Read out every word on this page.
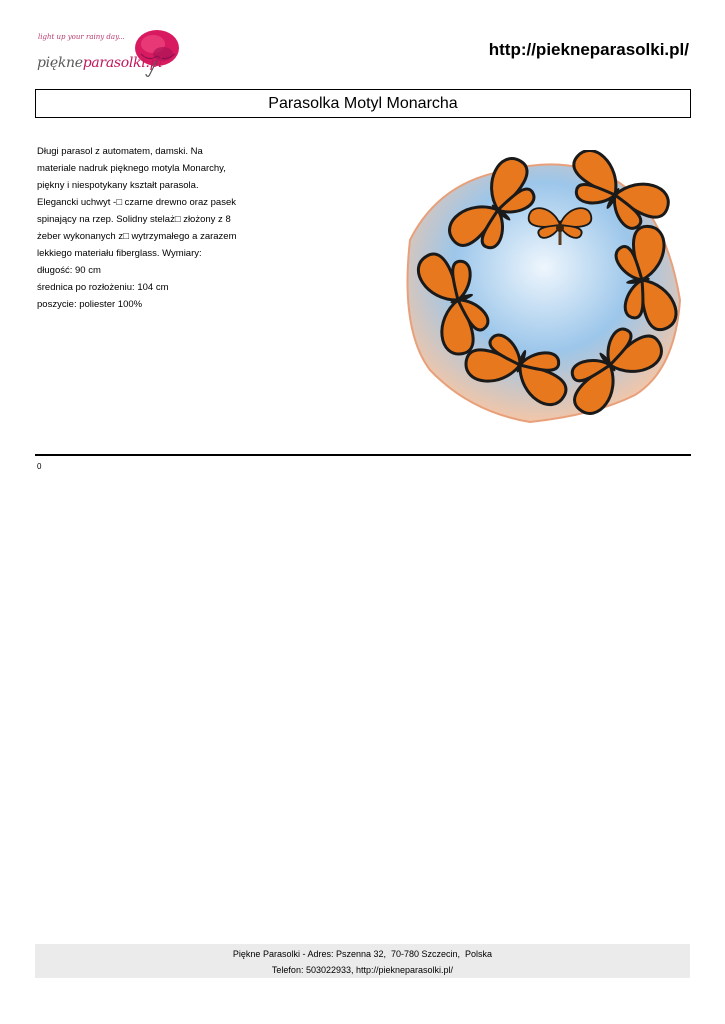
light up your rainy day...
piękneparasolki.pl
http://piekneparasolki.pl/
Parasolka Motyl Monarcha

Długi parasol z automatem, damski. Na

materiale nadruk pięknego motyla Monarchy,

piękny i niespotykany kształt parasola.

Elegancki uchwyt -□ czarne drewno oraz pasek

spinający na rzep. Solidny stelaż□ złożony z 8

żeber wykonanych z□ wytrzymałego a zarazem

lekkiego materiału fiberglass. Wymiary:

długość: 90 cm

średnica po rozłożeniu: 104 cm

poszycie: poliester 100%

0
Piękne Parasolki - Adres: Pszenna 32,  70-780 Szczecin,  Polska
Telefon: 503022933, http://piekneparasolki.pl/
